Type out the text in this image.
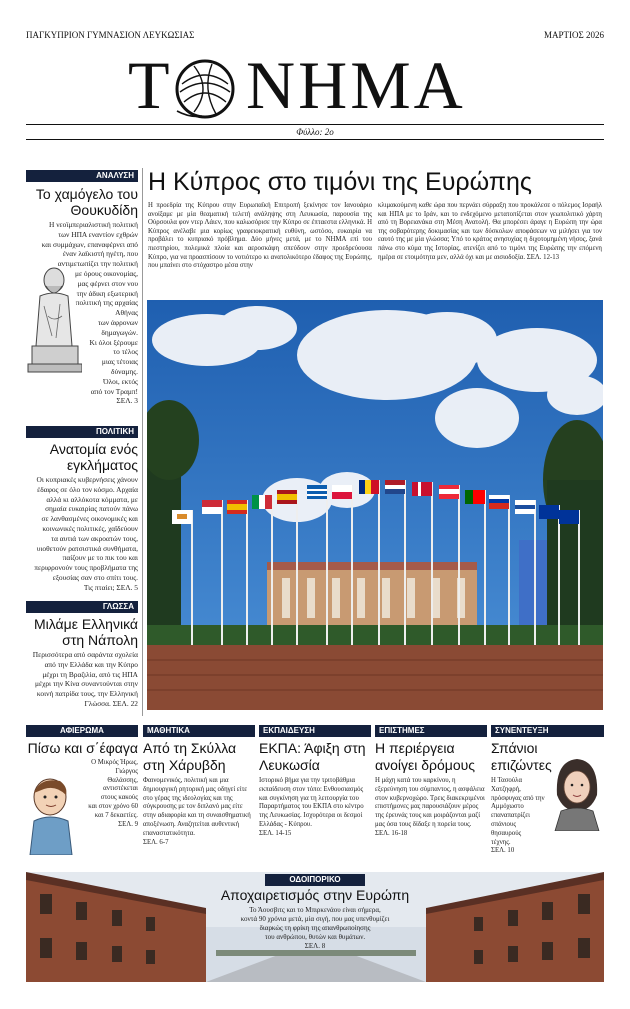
ΠΑΓΚΥΠΡΙΟΝ ΓΥΜΝΑΣΙΟΝ ΛΕΥΚΩΣΙΑΣ	ΜΑΡΤΙΟΣ 2026
Τ ΝΗΜΑ
Φύλλο: 2ο
ΑΝΑΛΥΣΗ
Το χαμόγελο του Θουκυδίδη
Η νεοϊμπεριαλιστική πολιτική
των ΗΠΑ εναντίον εχθρών
και συμμάχων, επαναφέρνει από
έναν λαϊκιστή ηγέτη, που
αντιμετωπίζει την πολιτική
με όρους οικονομίας,
μας φέρνει στον νου
την άδικη εξωτερική
πολιτική της αρχαίας
Αθήνας
των άφρονων
δημαγωγών.
Κι όλοι ξέρουμε
το τέλος
μιας τέτοιας
δύναμης.
Όλοι, εκτός
από τον Τραμπ!
ΣΕΛ. 3
ΠΟΛΙΤΙΚΗ
Ανατομία ενός εγκλήματος
Οι κυπριακές κυβερνήσεις χάνουν
έδαφος σε όλο τον κόσμο. Αρχαία
αλλά κι αλλόκοτα κόμματα, με
σημαία ευκαιρίας πατούν πάνω
σε λανθασμένες οικονομικές και
κοινωνικές πολιτικές, χαΐδεύουν
τα αυτιά των ακροατών τους,
υιοθετούν ρατσιστικά συνθήματα,
παίζουν με το πικ του και
περιφρονούν τους προβλήματα της
εξουσίας σαν στο σπίτι τους.
Τις πταίει; ΣΕΛ. 5
ΓΛΩΣΣΑ
Μιλάμε Ελληνικά στη Νάπολη
Περισσότερα από σαράντα σχολεία
από την Ελλάδα και την Κύπρο
μέχρι τη Βραζιλία, από τις ΗΠΑ
μέχρι την Κίνα συναντούνται στην
κοινή πατρίδα τους, την Ελληνική
Γλώσσα. ΣΕΛ. 22
Η Κύπρος στο τιμόνι της Ευρώπης
Η προεδρία της Κύπρου στην Ευρωπαϊκή Επιτροπή ξεκίνησε τον Ιανουάριο ανοίξαμε με μία θεαματική τελετή ανάληψης στη Λευκωσία, παρουσία της Ούρσουλα φον ντερ Λάιεν, που καλωσόρισε την Κύπρο σε έπταεστα ελληνικά. Η Κύπρος ανέλαβε μια κορίως γραφειοκρατική ευθύνη, ωστόσο, ευκαιρία να προβάλει το κυπριακό πρόβλημα. Δύο μήνες μετά, με το ΝΗΜΑ επί του πιεστηρίου, πολεμικά πλοία και αεροσκάφη σπεύδουν στην προεδρεύουσα Κύπρο, για να προασπίσουν το νοτιότερο κι ανατολικότερο έδαφος της Ευρώπης, που μπαίνει στο στόχαστρο μέσα στην
κλιμακούμενη καθε ώρα που περνάει σύρραξη που προκάλεσε ο πόλεμος Ισραήλ και ΗΠΑ με το Ιράν, και το ενδεχόμενο μετατοπίζεται στον γεωπολιτικό χάρτη από τη Βορειανάκα στη Μέση Ανατολή. Θα μπορέσει άραγε η Ευρώπη την ώρα της σοβαρότερης δοκιμασίας και των δύσκολων αποφάσεων να μιλήσει για τον εαυτό της με μία γλώσσα; Υπό το κράτος ανησυχίας η διχοτομημένη νήσος, ξανά πάνω στο κύμα της Ιστορίας, ατενίζει από το τιμόνι της Ευρώπης την επόμενη ημέρα σε ετοιμότητα μεν, αλλά όχι και με αισιοδοξία. ΣΕΛ. 12-13
ΑΦΙΕΡΩΜΑ
Πίσω και σ΄έφαγα
Ο Μικρός Ήρως,
Γιώργος
Θαλάσσης,
αντιστέκεται
στους κακούς
και στον χρόνο 60
και 7 δεκαετίες.
ΣΕΛ. 9
ΜΑΘΗΤΙΚΑ
Από τη Σκύλλα στη Χάρυβδη
Φαινομενικός, πολιτική και μια δημιουργική ρητορική μας οδηγεί είτε στο γέρας της ιδεολογίας και της σύγκρουσης με τον διπλανό μας είτε στην αδιαφορία και τη συναισθηματική αποξένωση. Αναζητείται αυθεντική επαναστατικότητα.
ΣΕΛ. 6-7
ΕΚΠΑΙΔΕΥΣΗ
ΕΚΠΑ: Άφιξη στη Λευκωσία
Ιστορικό βήμα για την τριτοβάθμια εκπαίδευση στον τόπο: Ενθουσιασμός και συγκίνηση για τη λειτουργία του Παραρτήματος του ΕΚΠΑ στο κέντρο της Λευκωσίας. Ισχυρότερα οι δεσμοί Ελλάδας - Κύπρου.
ΣΕΛ. 14-15
ΕΠΙΣΤΗΜΕΣ
Η περιέργεια ανοίγει δρόμους
Η μάχη κατά του καρκίνου, η εξερεύνηση του σύμπαντος, η ασφάλεια στον κυβερνοχώρο. Τρεις διακεκριμένοι επιστήμονες μας παρουσιάζουν μέρος της έρευνάς τους και μοιράζονται μαζί μας όσα τους δίδαξε η πορεία τους.
ΣΕΛ. 16-18
ΣΥΝΕΝΤΕΥΞΗ
Σπάνιοι επιζώντες
Η Τασούλα
Χατζηφρή,
πρόσφυγας από την
Αμμόχωστο επαναπατρίζει σπάνιους
θησαυρούς
τέχνης.
ΣΕΛ. 10
ΟΔΟΙΠΟΡΙΚΟ
Αποχαιρετισμός στην Ευρώπη
Το Άουσβιτς και το Μπιρκενάου είναι σήμερα,
κοντά 90 χρόνια μετά, μία σιγή, που μας υπενθυμίζει
διαρκώς τη φρίκη της απανθρωποίησης
του ανθρώπου, θυτών και θυμάτων.
ΣΕΛ. 8
